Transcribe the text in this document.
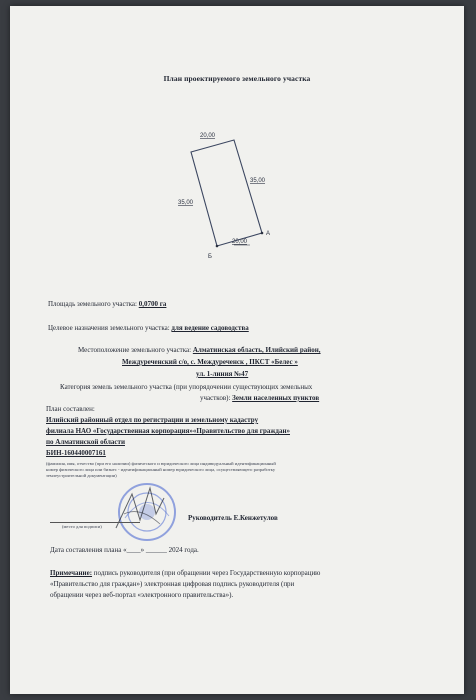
План проектируемого земельного участка
20,00
35,00
35,00
20,00
A
Б
Площадь земельного участка: 0,0700 га
Целевое назначения земельного участка: для ведение садоводства
Местоположение земельного участка: Алматинская область, Илийский район,
Междуреченский с/о, с. Междуреченск , ПКСТ «Белес »
ул. 1-линия №47
Категория земель земельного участка (при упорядочении существующих земельных
участков): Земли населенных пунктов
План составлен:
Илийский районный отдел по регистрации и земельному кадастру
филиала НАО «Государственная корпорация»«Правительство для граждан»
по Алматинской области
БИН-160440007161
(фамилия, имя, отчество (при его наличии) физического и юридического лица индивидуальный идентификационный
номер физического лица или бизнес - идентификационный номер юридического лица, осуществляющего разработку
землеустроительной документации)
(место для подписи)
Руководитель Е.Кенжетулов
Дата составления плана «____» ______ 2024 года.
Примечание: подпись руководителя (при обращении через Государственную корпорацию
«Правительство для граждан») электронная цифровая подпись руководителя (при
обращении через веб-портал «электронного правительства»).
